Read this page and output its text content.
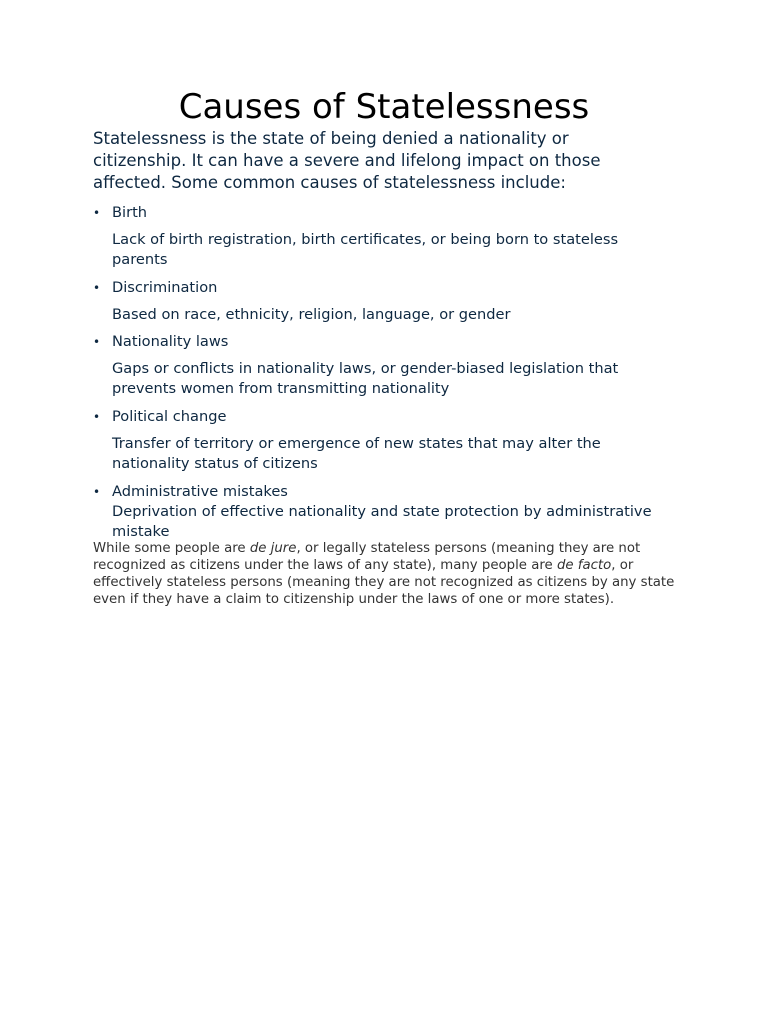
Causes of Statelessness

Statelessness is the state of being denied a nationality or citizenship. It can have a severe and lifelong impact on those affected. Some common causes of statelessness include:

• Birth
Lack of birth registration, birth certificates, or being born to stateless parents
• Discrimination
Based on race, ethnicity, religion, language, or gender
• Nationality laws
Gaps or conflicts in nationality laws, or gender-biased legislation that prevents women from transmitting nationality
• Political change
Transfer of territory or emergence of new states that may alter the nationality status of citizens
• Administrative mistakes
Deprivation of effective nationality and state protection by administrative mistake

While some people are de jure, or legally stateless persons (meaning they are not recognized as citizens under the laws of any state), many people are de facto, or effectively stateless persons (meaning they are not recognized as citizens by any state even if they have a claim to citizenship under the laws of one or more states).
